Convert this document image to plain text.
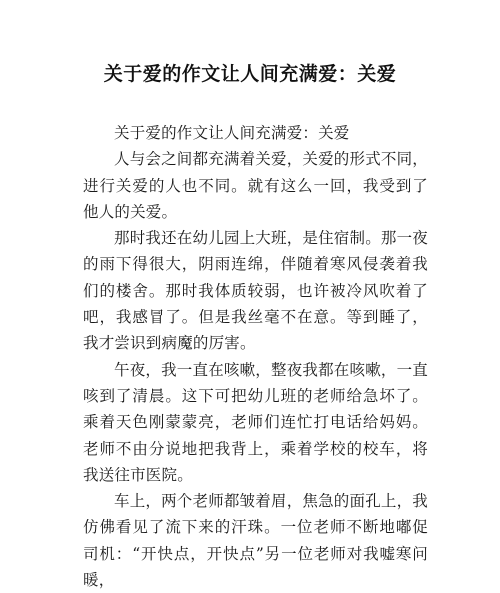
关于爱的作文让人间充满爱：关爱

关于爱的作文让人间充满爱：关爱

人与会之间都充满着关爱，关爱的形式不同，进行关爱的人也不同。就有这么一回，我受到了他人的关爱。

那时我还在幼儿园上大班，是住宿制。那一夜的雨下得很大，阴雨连绵，伴随着寒风侵袭着我们的楼舍。那时我体质较弱，也许被冷风吹着了吧，我感冒了。但是我丝毫不在意。等到睡了，我才尝识到病魔的厉害。

午夜，我一直在咳嗽，整夜我都在咳嗽，一直咳到了清晨。这下可把幼儿班的老师给急坏了。乘着天色刚蒙蒙亮，老师们连忙打电话给妈妈。老师不由分说地把我背上，乘着学校的校车，将我送往市医院。

车上，两个老师都皱着眉，焦急的面孔上，我仿佛看见了流下来的汗珠。一位老师不断地嘟促司机：“开快点，开快点”另一位老师对我嘘寒问暖，
